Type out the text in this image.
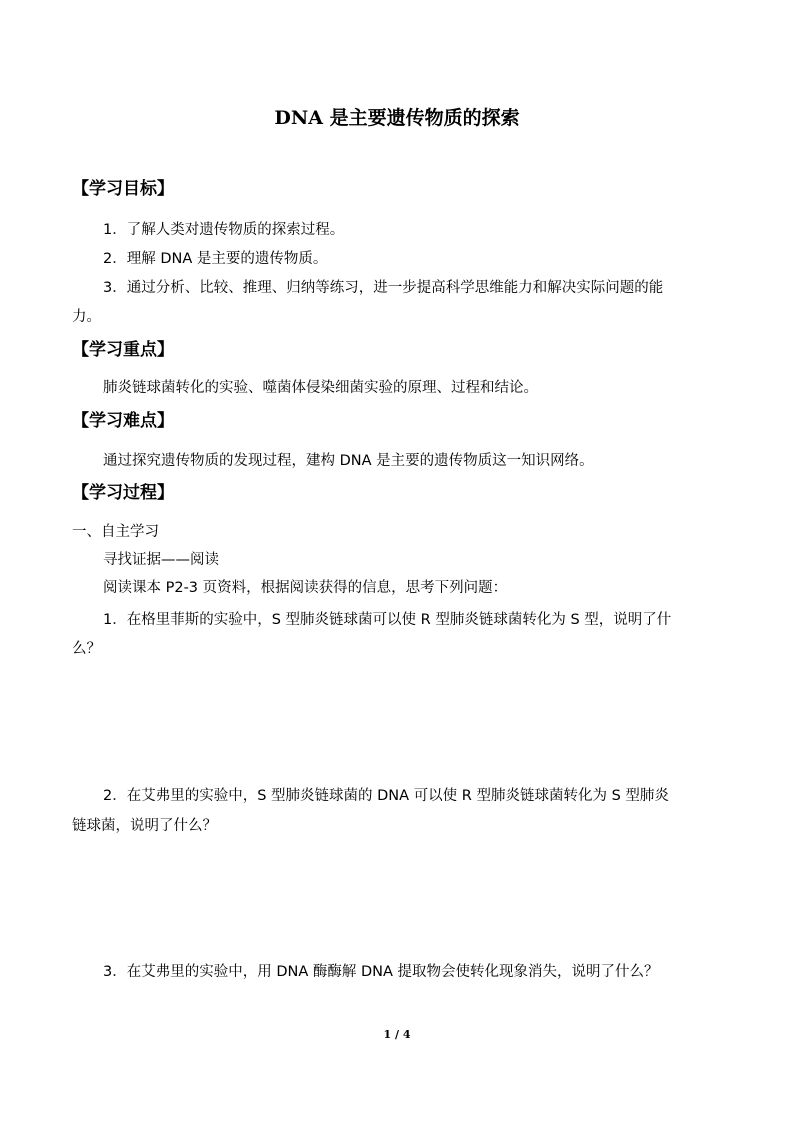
DNA 是主要遗传物质的探索
【学习目标】
1．了解人类对遗传物质的探索过程。
2．理解 DNA 是主要的遗传物质。
3．通过分析、比较、推理、归纳等练习，进一步提高科学思维能力和解决实际问题的能
力。
【学习重点】
肺炎链球菌转化的实验、噬菌体侵染细菌实验的原理、过程和结论。
【学习难点】
通过探究遗传物质的发现过程，建构 DNA 是主要的遗传物质这一知识网络。
【学习过程】
一、自主学习
寻找证据——阅读
阅读课本 P2-3 页资料，根据阅读获得的信息，思考下列问题：
1．在格里菲斯的实验中，S 型肺炎链球菌可以使 R 型肺炎链球菌转化为 S 型，说明了什
么？
2．在艾弗里的实验中，S 型肺炎链球菌的 DNA 可以使 R 型肺炎链球菌转化为 S 型肺炎
链球菌，说明了什么？
3．在艾弗里的实验中，用 DNA 酶酶解 DNA 提取物会使转化现象消失，说明了什么？
1 / 4
